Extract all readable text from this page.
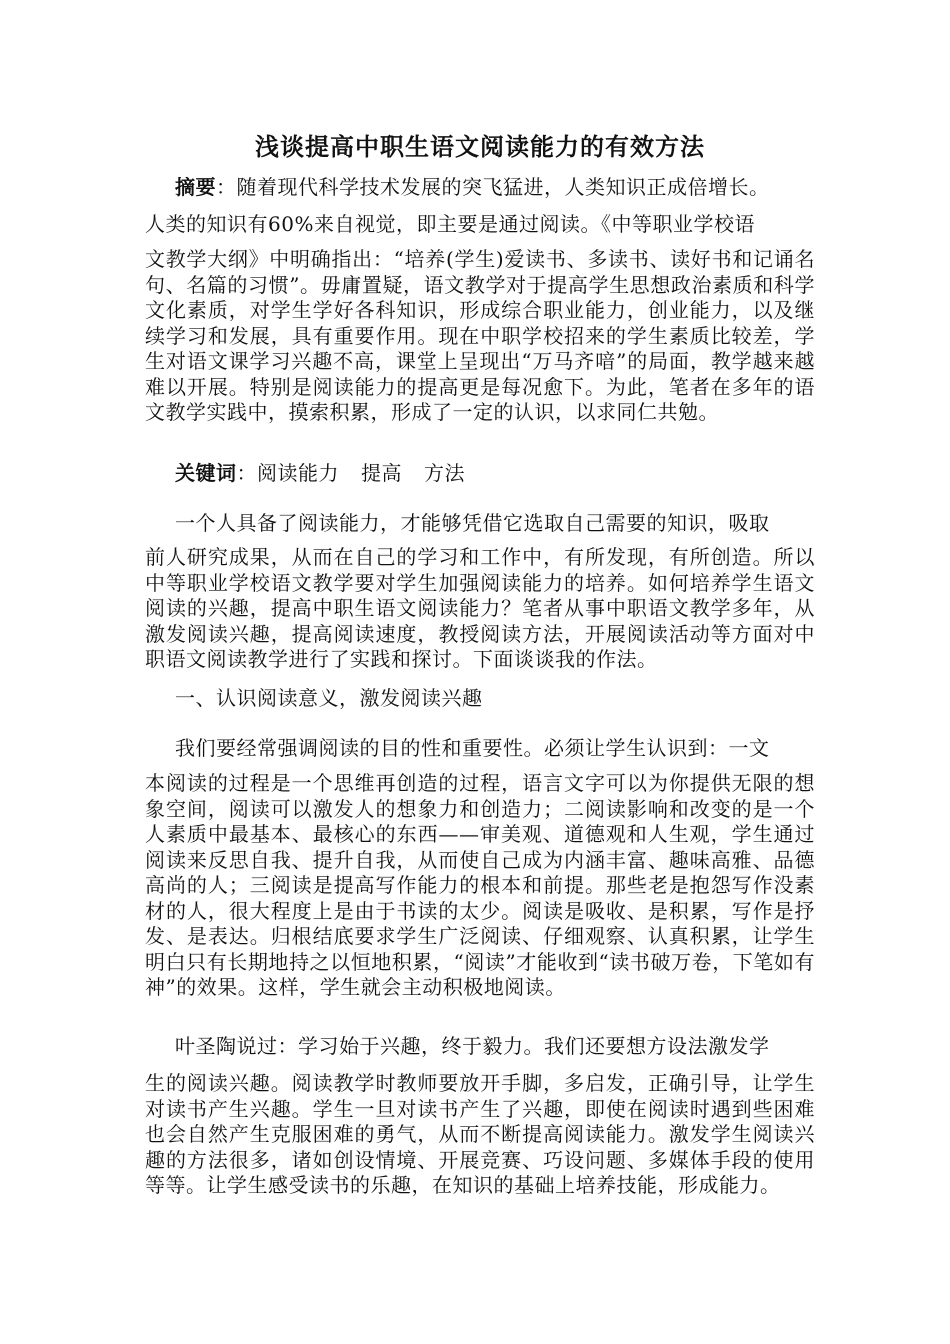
浅谈提高中职生语文阅读能力的有效方法
摘要：随着现代科学技术发展的突飞猛进，人类知识正成倍增长。
人类的知识有60%来自视觉，即主要是通过阅读。《中等职业学校语
文教学大纲》中明确指出：“培养(学生)爱读书、多读书、读好书和记诵名句、名篇的习惯”。毋庸置疑，语文教学对于提高学生思想政治素质和科学文化素质，对学生学好各科知识，形成综合职业能力，创业能力，以及继续学习和发展，具有重要作用。现在中职学校招来的学生素质比较差，学生对语文课学习兴趣不高，课堂上呈现出“万马齐喑”的局面，教学越来越难以开展。特别是阅读能力的提高更是每况愈下。为此，笔者在多年的语文教学实践中，摸索积累，形成了一定的认识，以求同仁共勉。
关键词：阅读能力 提高 方法
一个人具备了阅读能力，才能够凭借它选取自己需要的知识，吸取
前人研究成果，从而在自己的学习和工作中，有所发现，有所创造。所以中等职业学校语文教学要对学生加强阅读能力的培养。如何培养学生语文阅读的兴趣，提高中职生语文阅读能力？笔者从事中职语文教学多年，从激发阅读兴趣，提高阅读速度，教授阅读方法，开展阅读活动等方面对中职语文阅读教学进行了实践和探讨。下面谈谈我的作法。
一、认识阅读意义，激发阅读兴趣
我们要经常强调阅读的目的性和重要性。必须让学生认识到：一文
本阅读的过程是一个思维再创造的过程，语言文字可以为你提供无限的想象空间，阅读可以激发人的想象力和创造力；二阅读影响和改变的是一个人素质中最基本、最核心的东西——审美观、道德观和人生观，学生通过阅读来反思自我、提升自我，从而使自己成为内涵丰富、趣味高雅、品德高尚的人；三阅读是提高写作能力的根本和前提。那些老是抱怨写作没素材的人，很大程度上是由于书读的太少。阅读是吸收、是积累，写作是抒发、是表达。归根结底要求学生广泛阅读、仔细观察、认真积累，让学生明白只有长期地持之以恒地积累，“阅读”才能收到“读书破万卷，下笔如有神”的效果。这样，学生就会主动积极地阅读。
叶圣陶说过：学习始于兴趣，终于毅力。我们还要想方设法激发学
生的阅读兴趣。阅读教学时教师要放开手脚，多启发，正确引导，让学生对读书产生兴趣。学生一旦对读书产生了兴趣，即使在阅读时遇到些困难也会自然产生克服困难的勇气，从而不断提高阅读能力。激发学生阅读兴趣的方法很多，诸如创设情境、开展竞赛、巧设问题、多媒体手段的使用等等。让学生感受读书的乐趣，在知识的基础上培养技能，形成能力。
